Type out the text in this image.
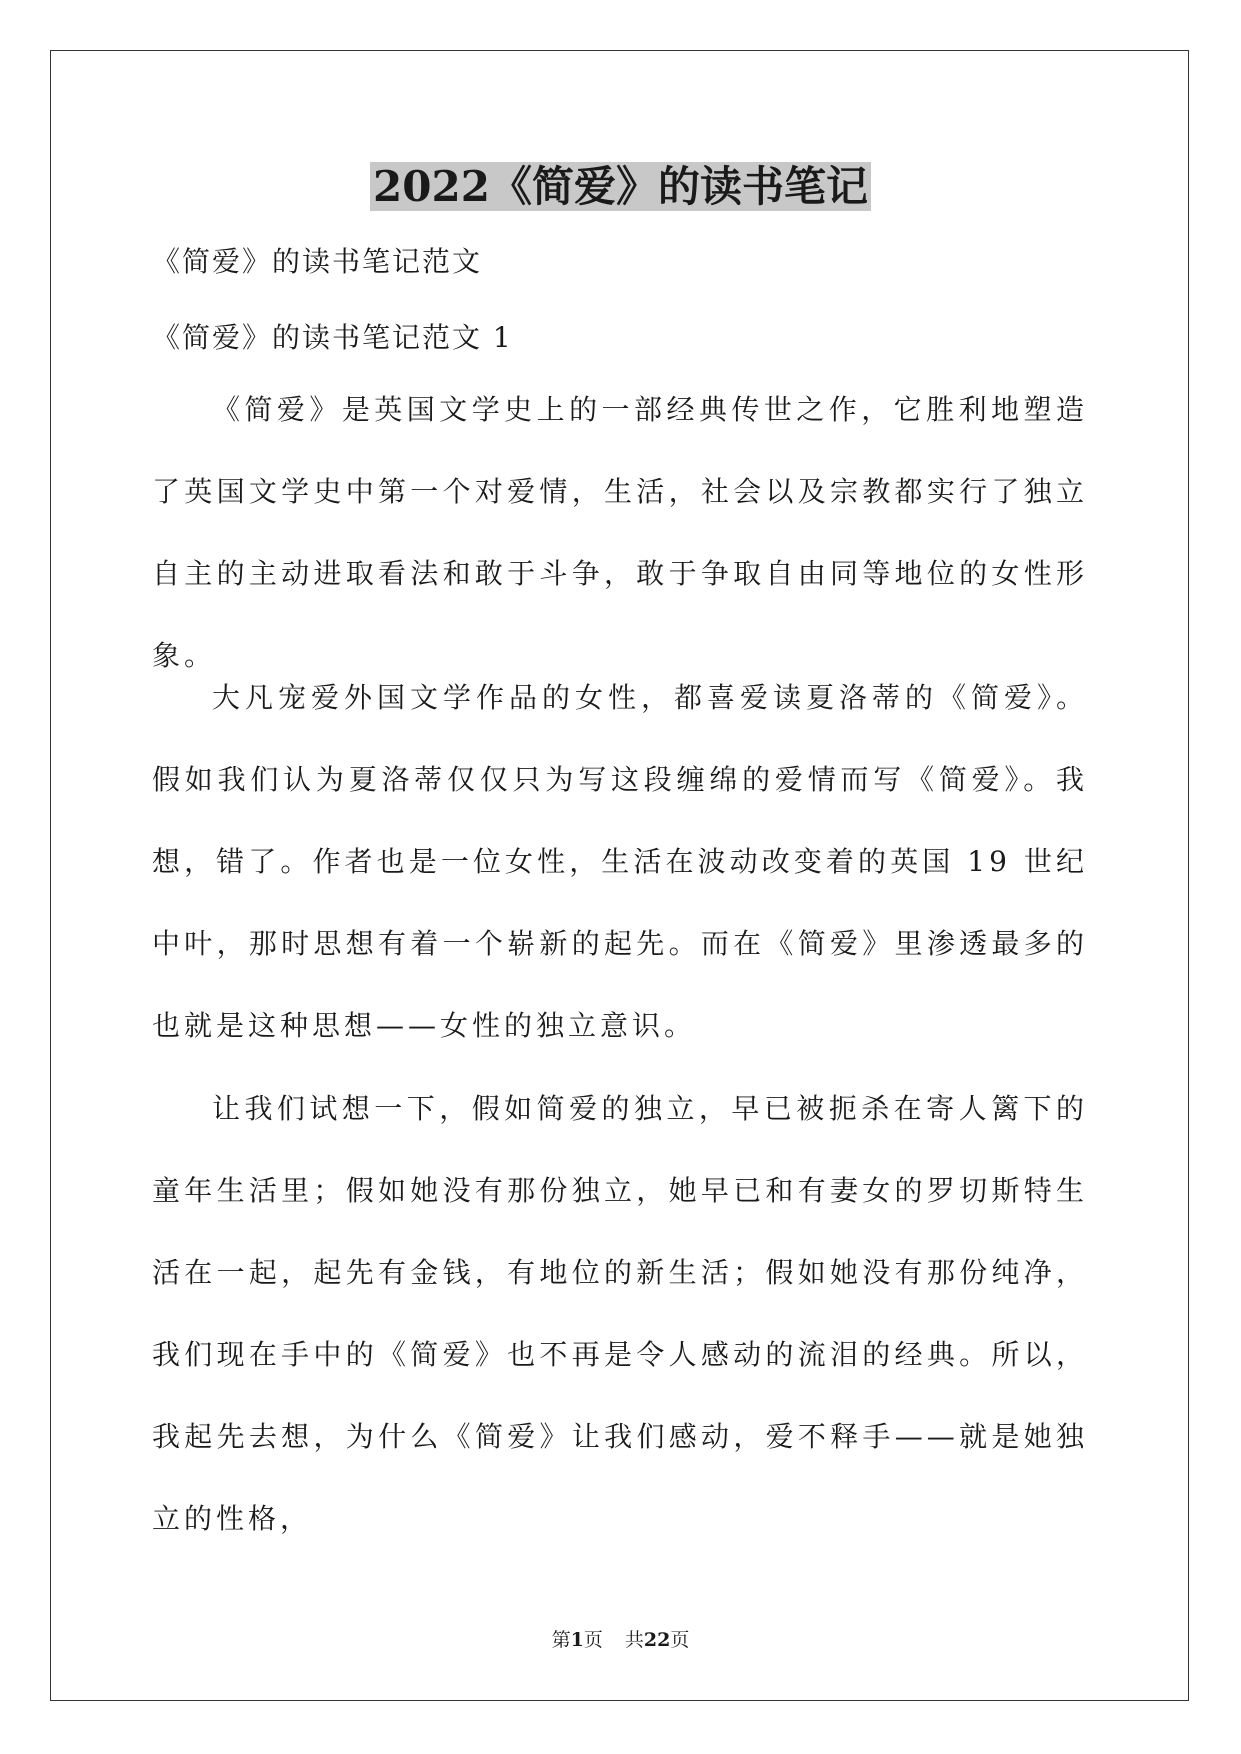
2022《简爱》的读书笔记

《简爱》的读书笔记范文

《简爱》的读书笔记范文 1

《简爱》是英国文学史上的一部经典传世之作，它胜利地塑造了英国文学史中第一个对爱情，生活，社会以及宗教都实行了独立自主的主动进取看法和敢于斗争，敢于争取自由同等地位的女性形象。

大凡宠爱外国文学作品的女性，都喜爱读夏洛蒂的《简爱》。假如我们认为夏洛蒂仅仅只为写这段缠绵的爱情而写《简爱》。我想，错了。作者也是一位女性，生活在波动改变着的英国 19 世纪中叶，那时思想有着一个崭新的起先。而在《简爱》里渗透最多的也就是这种思想——女性的独立意识。

让我们试想一下，假如简爱的独立，早已被扼杀在寄人篱下的童年生活里；假如她没有那份独立，她早已和有妻女的罗切斯特生活在一起，起先有金钱，有地位的新生活；假如她没有那份纯净，我们现在手中的《简爱》也不再是令人感动的流泪的经典。所以，我起先去想，为什么《简爱》让我们感动，爱不释手——就是她独立的性格，

第1页 共22页
